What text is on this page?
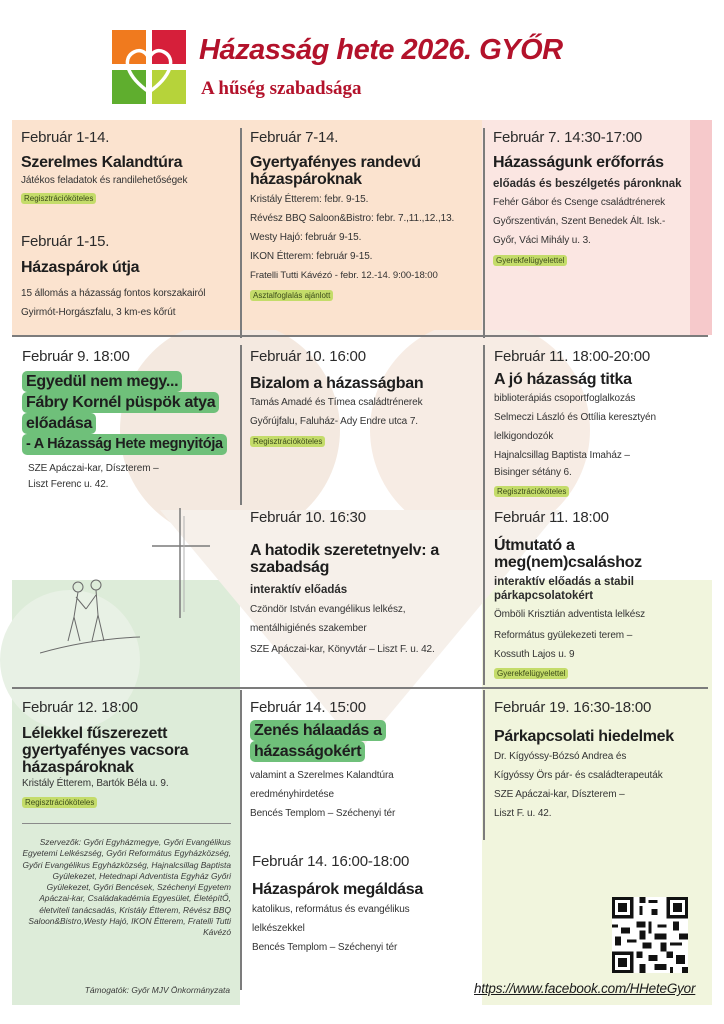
Házasság hete 2026. GYŐR
A hűség szabadsága
Február 1-14.
Szerelmes Kalandtúra
Játékos feladatok és randilehetőségek
Regisztrációköteles
Február 1-15.
Házaspárok útja
15 állomás a házasság fontos korszakairól
Gyirmót-Horgászfalu, 3 km-es kőrút
Február 7-14.
Gyertyafényes randevú házaspároknak
Kristály Étterem: febr. 9-15.
Révész BBQ Saloon&Bistro: febr. 7.,11.,12.,13.
Westy Hajó: február 9-15.
IKON Étterem: február 9-15.
Fratelli Tutti Kávézó - febr. 12.-14. 9:00-18:00
Asztalfoglalás ajánlott
Február 7. 14:30-17:00
Házasságunk erőforrás
előadás és beszélgetés páronknak
Fehér Gábor és Csenge családtrénerek
Győrszentiván, Szent Benedek Ált. Isk.-
Győr, Váci Mihály u. 3.
Gyerekfelügyelettel
Február 9. 18:00
Egyedül nem megy...
Fábry Kornél püspök atya
előadása
- A Házasság Hete megnyitója
SZE Apáczai-kar, Díszterem –
Liszt Ferenc u. 42.
Február 10. 16:00
Bizalom a házasságban
Tamás Amadé és Tímea családtrénerek
Győrújfalu, Faluház- Ady Endre utca 7.
Regisztrációköteles
Február 10. 16:30
A hatodik szeretetnyelv: a szabadság
interaktív előadás
Czöndör István evangélikus lelkész,
mentálhigiénés szakember
SZE Apáczai-kar, Könyvtár – Liszt F. u. 42.
Február 11. 18:00-20:00
A jó házasság titka
biblioterápiás csoportfoglalkozás
Selmeczi László és Ottília keresztyén
lelkigondozók
Hajnalcsillag Baptista Imaház –
Bisinger sétány 6.
Regisztrációköteles
Február 11. 18:00
Útmutató a meg(nem)csaláshoz
interaktív előadás a stabil párkapcsolatokért
Ömböli Krisztián adventista lelkész
Református gyülekezeti terem –
Kossuth Lajos u. 9
Gyerekfelügyelettel
Február 12. 18:00
Lélekkel fűszerezett gyertyafényes vacsora házaspároknak
Kristály Étterem, Bartók Béla u. 9.
Regisztrációköteles
Szervezők: Győri Egyházmegye, Győri Evangélikus Egyetemi Lelkészség, Győri Református Egyházközség, Győri Evangélikus Egyházközség, Hajnalcsillag Baptista Gyülekezet, Hetednapi Adventista Egyház Győri Gyülekezet, Győri Bencések, Széchenyi Egyetem Apáczai-kar, Családakadémia Egyesület, ÉletépítŐ, életviteli tanácsadás, Kristály Étterem, Révész BBQ Saloon&Bistro,Westy Hajó, IKON Étterem, Fratelli Tutti Kávézó
Támogatók: Győr MJV Önkormányzata
Február 14. 15:00
Zenés hálaadás a
házasságokért
valamint a Szerelmes Kalandtúra
eredményhirdetése
Bencés Templom – Széchenyi tér
Február 14. 16:00-18:00
Házaspárok megáldása
katolikus, református és evangélikus
lelkészekkel
Bencés Templom – Széchenyi tér
Február 19. 16:30-18:00
Párkapcsolati hiedelmek
Dr. Kígyóssy-Bózsó Andrea és
Kígyóssy Örs pár- és családterapeuták
SZE Apáczai-kar, Díszterem –
Liszt F. u. 42.
https://www.facebook.com/HHeteGyor
